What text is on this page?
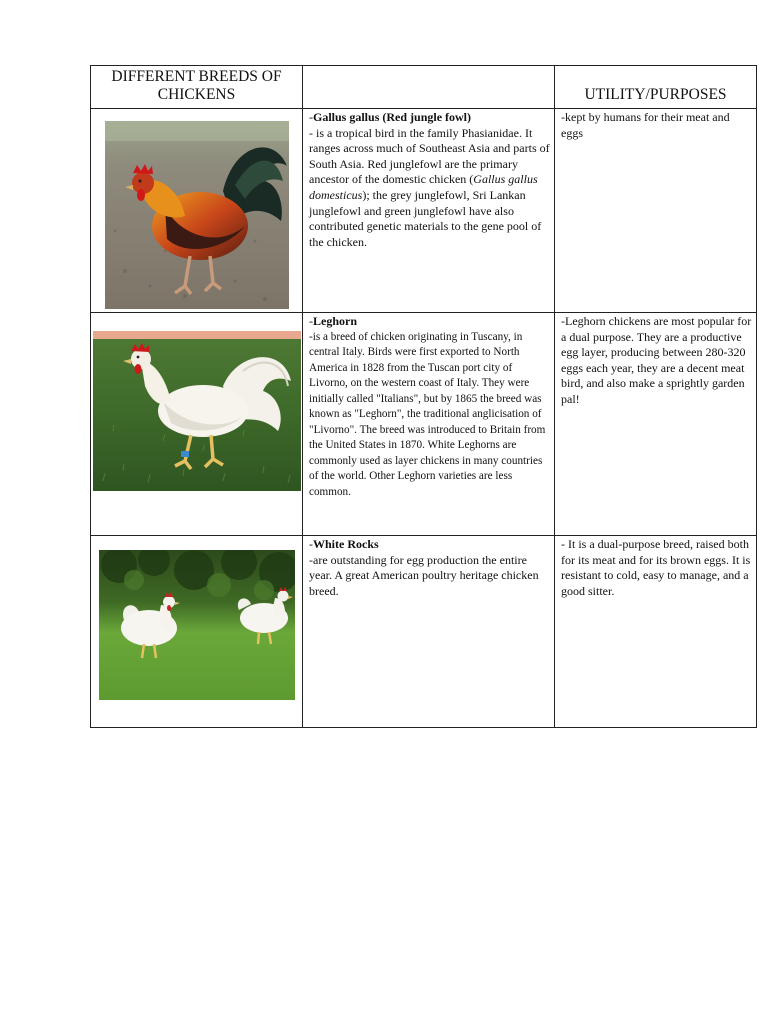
DIFFERENT BREEDS OF
CHICKENS		UTILITY/PURPOSES

-Gallus gallus (Red jungle fowl)

- is a tropical bird in the family Phasianidae. It ranges across much of Southeast Asia and parts of South Asia. Red junglefowl are the primary ancestor of the domestic chicken (Gallus gallus domesticus); the grey junglefowl, Sri Lankan junglefowl and green junglefowl have also contributed genetic materials to the gene pool of the chicken.	-kept by humans for their meat and eggs

-Leghorn

-is a breed of chicken originating in Tuscany, in central Italy. Birds were first exported to North America in 1828 from the Tuscan port city of Livorno, on the western coast of Italy. They were initially called "Italians", but by 1865 the breed was known as "Leghorn", the traditional anglicisation of "Livorno". The breed was introduced to Britain from the United States in 1870. White Leghorns are commonly used as layer chickens in many countries of the world. Other Leghorn varieties are less common.	-Leghorn chickens are most popular for a dual purpose. They are a productive egg layer, producing between 280-320 eggs each year, they are a decent meat bird, and also make a sprightly garden pal!

-White Rocks

-are outstanding for egg production the entire year. A great American poultry heritage chicken breed.	- It is a dual-purpose breed, raised both for its meat and for its brown eggs. It is resistant to cold, easy to manage, and a good sitter.
